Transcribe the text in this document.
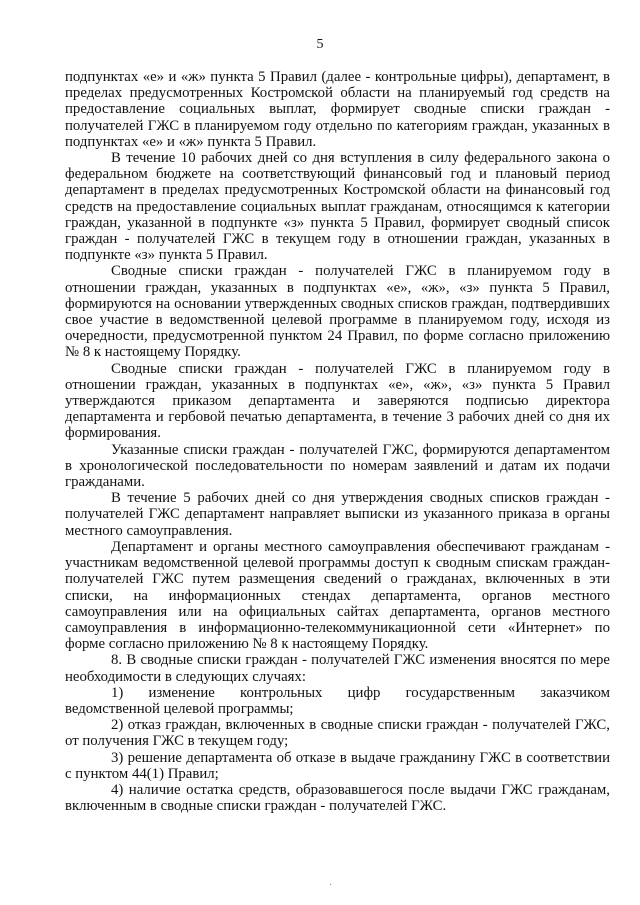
5

подпунктах «е» и «ж» пункта 5 Правил (далее - контрольные цифры), департамент, в пределах предусмотренных Костромской области на планируемый год средств на предоставление социальных выплат, формирует сводные списки граждан - получателей ГЖС в планируемом году отдельно по категориям граждан, указанных в подпунктах «е» и «ж» пункта 5 Правил.

В течение 10 рабочих дней со дня вступления в силу федерального закона о федеральном бюджете на соответствующий финансовый год и плановый период департамент в пределах предусмотренных Костромской области на финансовый год средств на предоставление социальных выплат гражданам, относящимся к категории граждан, указанной в подпункте «з» пункта 5 Правил, формирует сводный список граждан - получателей ГЖС в текущем году в отношении граждан, указанных в подпункте «з» пункта 5 Правил.

Сводные списки граждан - получателей ГЖС в планируемом году в отношении граждан, указанных в подпунктах «е», «ж», «з» пункта 5 Правил, формируются на основании утвержденных сводных списков граждан, подтвердивших свое участие в ведомственной целевой программе в планируемом году, исходя из очередности, предусмотренной пунктом 24 Правил, по форме согласно приложению № 8 к настоящему Порядку.

Сводные списки граждан - получателей ГЖС в планируемом году в отношении граждан, указанных в подпунктах «е», «ж», «з» пункта 5 Правил утверждаются приказом департамента и заверяются подписью директора департамента и гербовой печатью департамента, в течение 3 рабочих дней со дня их формирования.

Указанные списки граждан - получателей ГЖС, формируются департаментом в хронологической последовательности по номерам заявлений и датам их подачи гражданами.

В течение 5 рабочих дней со дня утверждения сводных списков граждан - получателей ГЖС департамент направляет выписки из указанного приказа в органы местного самоуправления.

Департамент и органы местного самоуправления обеспечивают гражданам - участникам ведомственной целевой программы доступ к сводным спискам граждан-получателей ГЖС путем размещения сведений о гражданах, включенных в эти списки, на информационных стендах департамента, органов местного самоуправления или на официальных сайтах департамента, органов местного самоуправления в информационно-телекоммуникационной сети «Интернет» по форме согласно приложению № 8 к настоящему Порядку.

8. В сводные списки граждан - получателей ГЖС изменения вносятся по мере необходимости в следующих случаях:

1) изменение контрольных цифр государственным заказчиком

ведомственной целевой программы;

2) отказ граждан, включенных в сводные списки граждан - получателей ГЖС, от получения ГЖС в текущем году;

3) решение департамента об отказе в выдаче гражданину ГЖС в соответствии с пунктом 44(1) Правил;

4) наличие остатка средств, образовавшегося после выдачи ГЖС гражданам, включенным в сводные списки граждан - получателей ГЖС.

·
